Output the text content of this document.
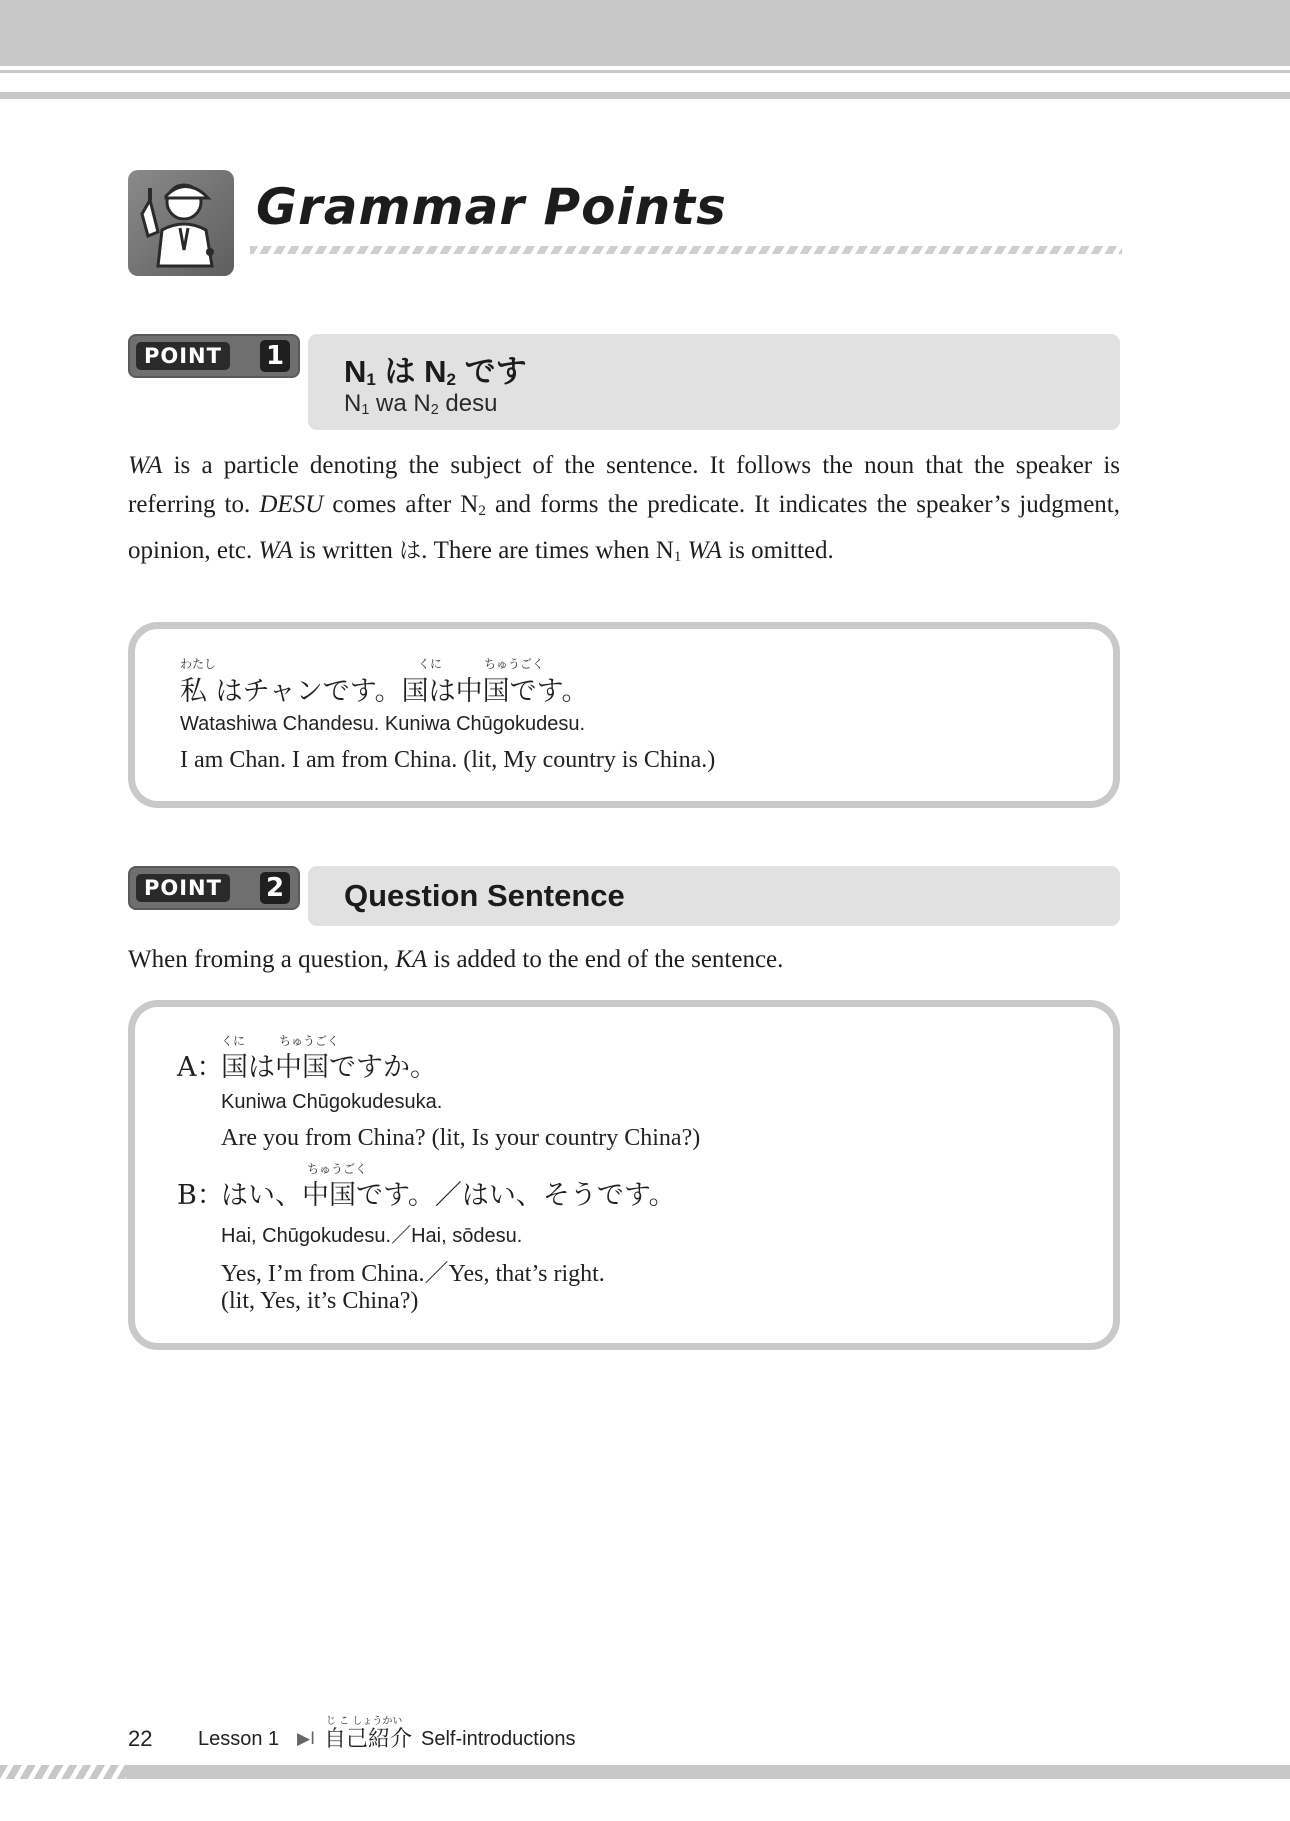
Grammar Points
POINT	1 ≀
$N_1$ は $N_2$ です
$N_1$ wa $N_2$ desu

WA is a particle denoting the subject of the sentence. It follows the noun that the speaker is referring to. DESU comes after $N_2$ and forms the predicate. It indicates the speaker’s judgment, opinion, etc. WA is written は. There are times when $N_1$ WA is omitted.

わたし	くに	ちゅうごく
私 はチャンです。国は中国です。
Watashiwa Chandesu. Kuniwa Chūgokudesu.
I am Chan. I am from China. (lit, My country is China.)
POINT	2 ≀ Question Sentence

When froming a question, KA is added to the end of the sentence.

くに	ちゅうごく
A：
国は中国ですか。
Kuniwa Chūgokudesuka.
Are you from China? (lit, Is your country China?)
ちゅうごく
B：
はい、中国です。／はい、そうです。
Hai, Chūgokudesu.／Hai, sōdesu.
Yes, I’m from China.／Yes, that’s right.
(lit, Yes, it’s China?)
22 Lesson 1 ▶I
じ こ しょうかい
自己紹介 Self-introductions
